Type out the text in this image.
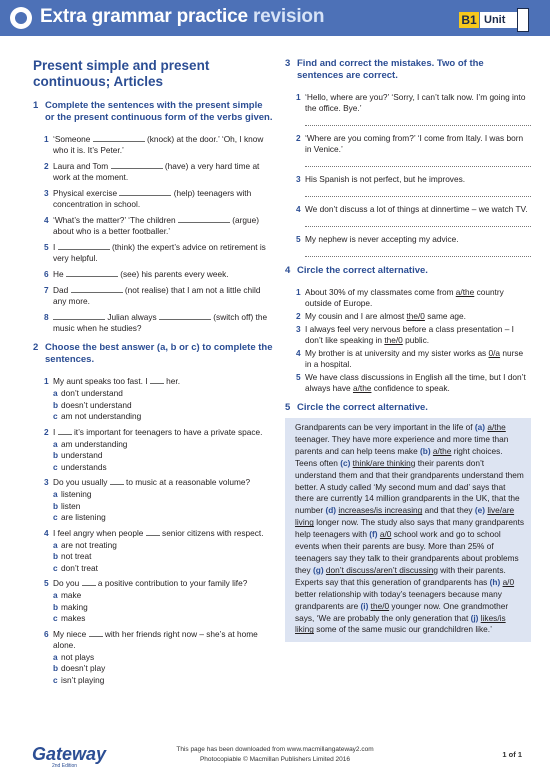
Extra grammar practice revision	B1 Unit
Present simple and present continuous; Articles
1 Complete the sentences with the present simple or the present continuous form of the verbs given.
1 ‘Someone	(knock) at the door.’ ‘Oh, I know who it is. It’s Peter.’
2 Laura and Tom	(have) a very hard time at work at the moment.
3 Physical exercise	(help) teenagers with concentration in school.
4 ‘What’s the matter?’ ‘The children	(argue) about who is a better footballer.’
5 I	(think) the expert’s advice on retirement is very helpful.
6 He	(see) his parents every week.
7 Dad	(not realise) that I am not a little child any more.
8	Julian always	(switch off) the music when he studies?
2 Choose the best answer (a, b or c) to complete the sentences.
1 My aunt speaks too fast. I her.
a don’t understand
b doesn’t understand
c am not understanding
2 I it’s important for teenagers to have a private space.
a am understanding
b understand
c understands
3 Do you usually to music at a reasonable volume?
a listening
b listen
c are listening
4 I feel angry when people senior citizens with respect.
a are not treating
b not treat
c don’t treat
5 Do you a positive contribution to your family life?
a make
b making
c makes
6 My niece with her friends right now – she’s at home alone.
a not plays
b doesn’t play
c isn’t playing
3 Find and correct the mistakes. Two of the sentences are correct.
1 ‘Hello, where are you?’ ‘Sorry, I can’t talk now. I’m going into the office. Bye.’
2 ‘Where are you coming from?’ ‘I come from Italy. I was born in Venice.’
3 His Spanish is not perfect, but he improves.
4 We don’t discuss a lot of things at dinnertime – we watch TV.
5 My nephew is never accepting my advice.
4 Circle the correct alternative.
1 About 30% of my classmates come from a/the country outside of Europe.
2 My cousin and I are almost the/0 same age.
3 I always feel very nervous before a class presentation – I don’t like speaking in the/0 public.
4 My brother is at university and my sister works as 0/a nurse in a hospital.
5 We have class discussions in English all the time, but I don’t always have a/the confidence to speak.
5 Circle the correct alternative.
Grandparents can be very important in the life of (a) a/the teenager. They have more experience and more time than parents and can help teens make (b) a/the right choices. Teens often (c) think/are thinking their parents don’t understand them and that their grandparents understand them better. A study called ‘My second mum and dad’ says that there are currently 14 million grandparents in the UK, that the number (d) increases/is increasing and that they (e) live/are living longer now. The study also says that many grandparents help teenagers with (f) a/0 school work and go to school events when their parents are busy. More than 25% of teenagers say they talk to their grandparents about problems they (g) don’t discuss/aren’t discussing with their parents. Experts say that this generation of grandparents has (h) a/0 better relationship with today’s teenagers because many grandparents are (i) the/0 younger now. One grandmother says, ‘We are probably the only generation that (j) likes/is liking some of the same music our grandchildren like.’
Gateway
2nd Edition
This page has been downloaded from www.macmillangateway2.com
Photocopiable © Macmillan Publishers Limited 2016
1 of 1
